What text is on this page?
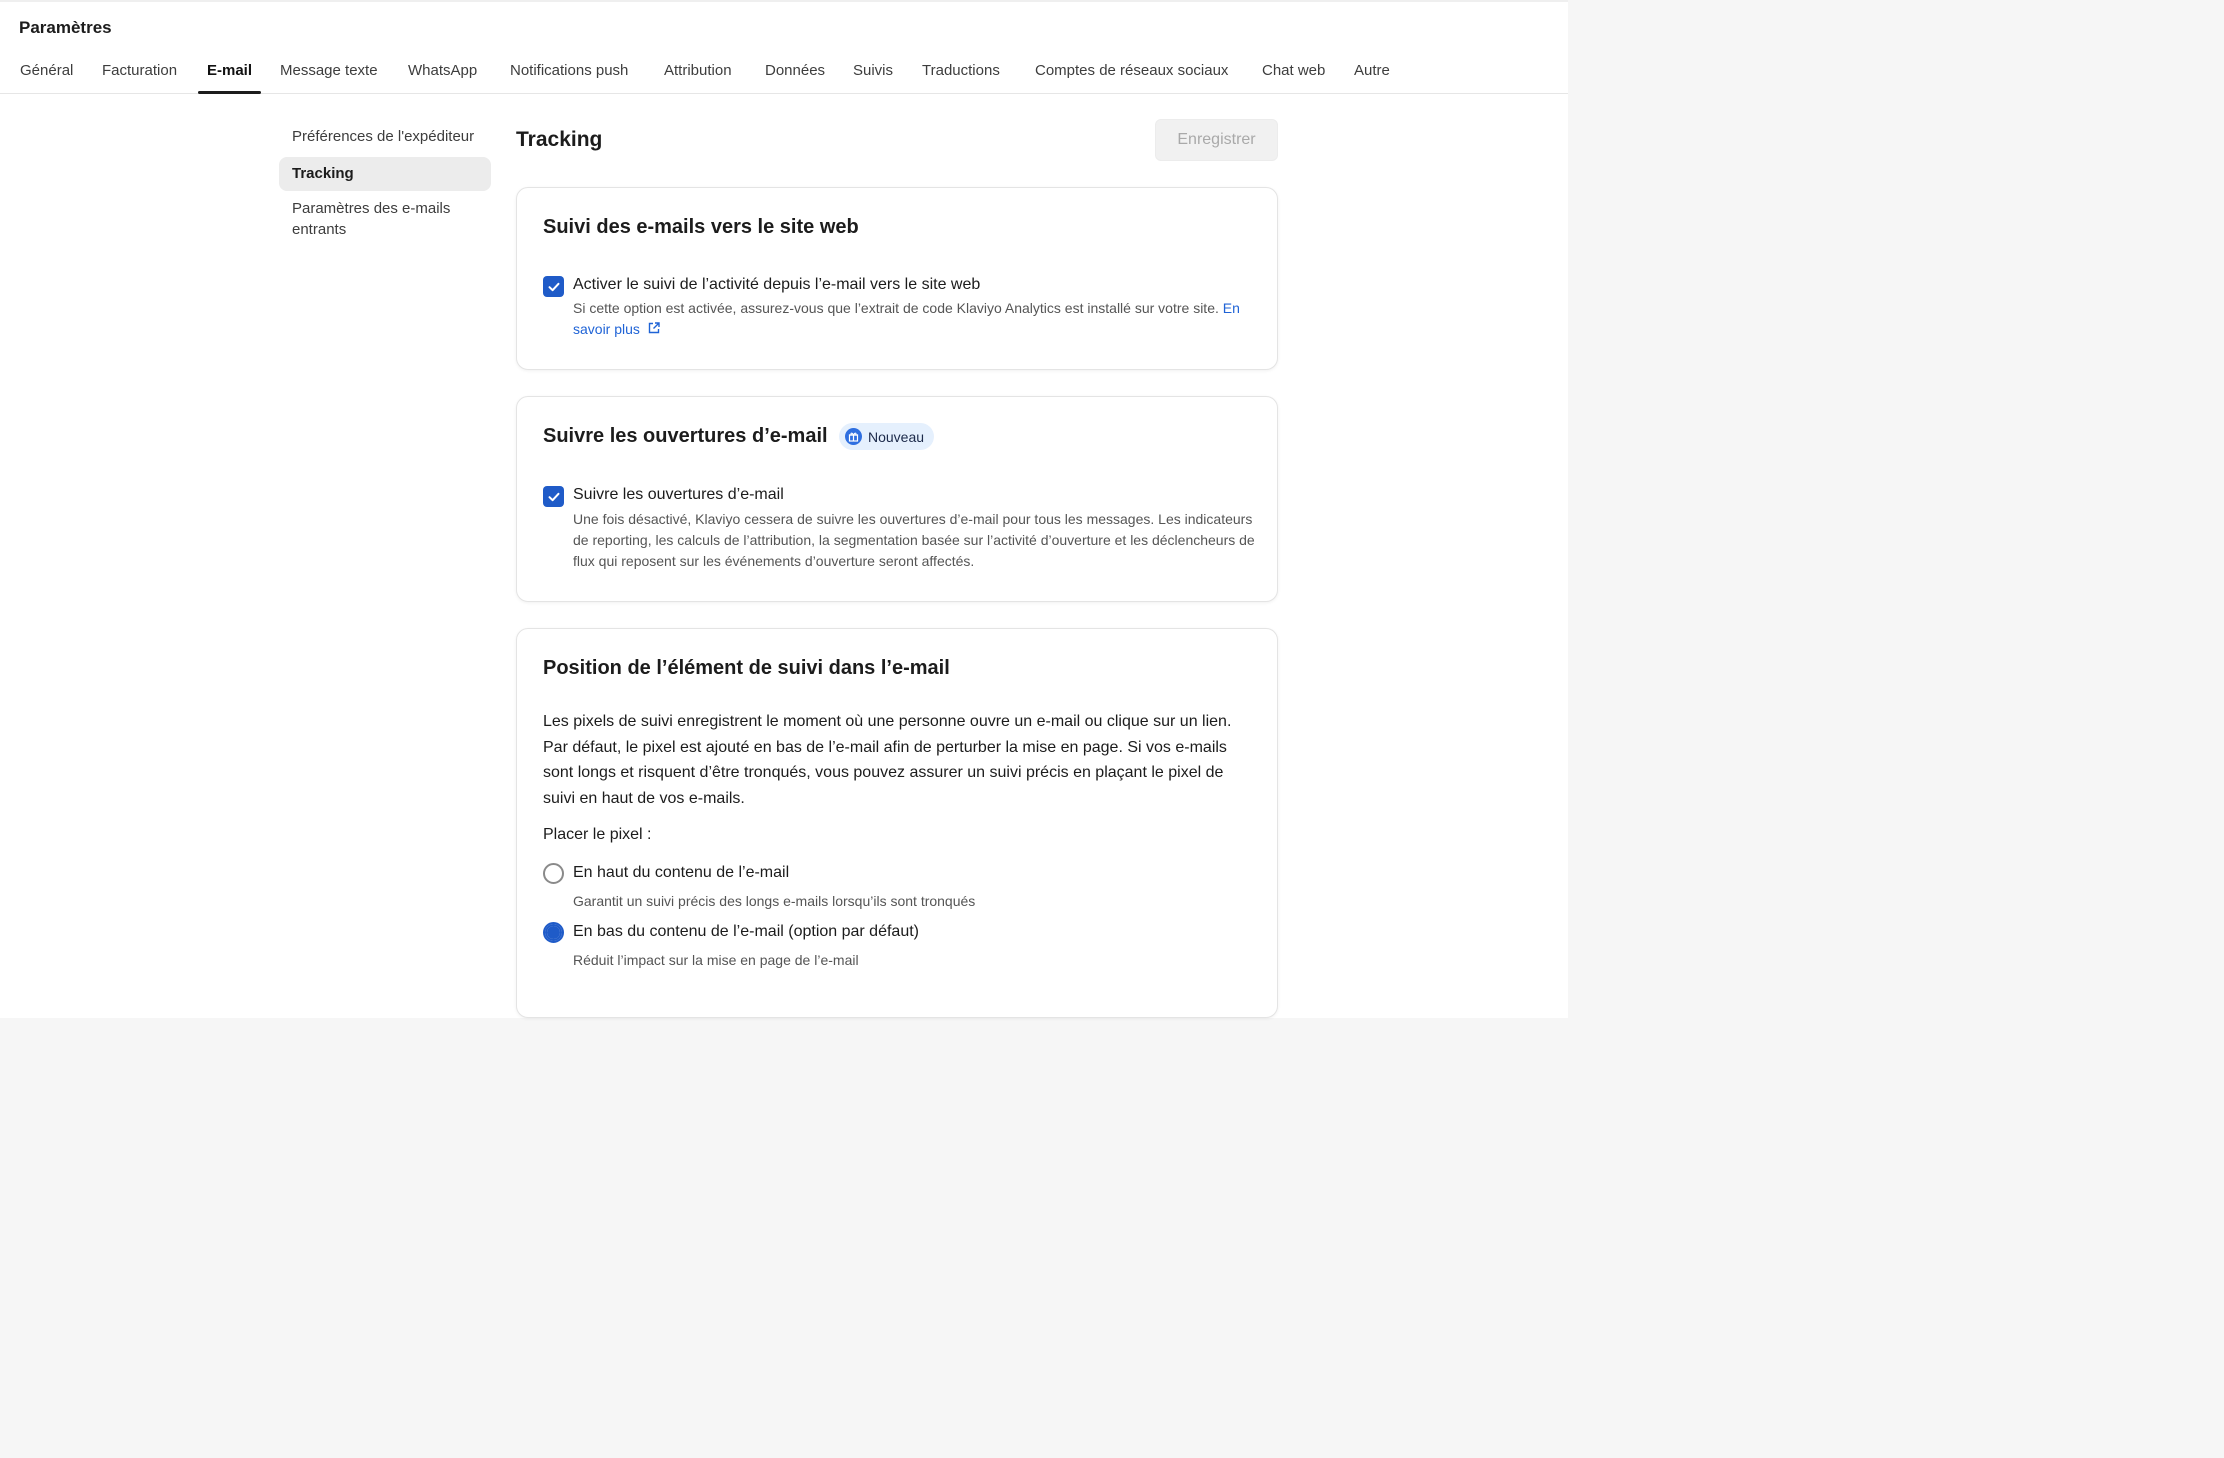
Paramètres
Général Facturation E-mail Message texte WhatsApp Notifications push Attribution Données Suivis Traductions Comptes de réseaux sociaux Chat web Autre
Préférences de l'expéditeur
Tracking
Paramètres des e-mails entrants
Tracking	Enregistrer
Suivi des e-mails vers le site web
Activer le suivi de l’activité depuis l’e-mail vers le site web
Si cette option est activée, assurez-vous que l’extrait de code Klaviyo Analytics est installé sur votre site. En savoir plus
Suivre les ouvertures d’e-mail	Nouveau
Suivre les ouvertures d’e-mail
Une fois désactivé, Klaviyo cessera de suivre les ouvertures d’e-mail pour tous les messages. Les indicateurs de reporting, les calculs de l’attribution, la segmentation basée sur l’activité d’ouverture et les déclencheurs de flux qui reposent sur les événements d’ouverture seront affectés.
Position de l’élément de suivi dans l’e-mail
Les pixels de suivi enregistrent le moment où une personne ouvre un e-mail ou clique sur un lien. Par défaut, le pixel est ajouté en bas de l’e-mail afin de perturber la mise en page. Si vos e-mails sont longs et risquent d’être tronqués, vous pouvez assurer un suivi précis en plaçant le pixel de suivi en haut de vos e-mails.
Placer le pixel :
En haut du contenu de l’e-mail
Garantit un suivi précis des longs e-mails lorsqu’ils sont tronqués
En bas du contenu de l’e-mail (option par défaut)
Réduit l’impact sur la mise en page de l’e-mail
